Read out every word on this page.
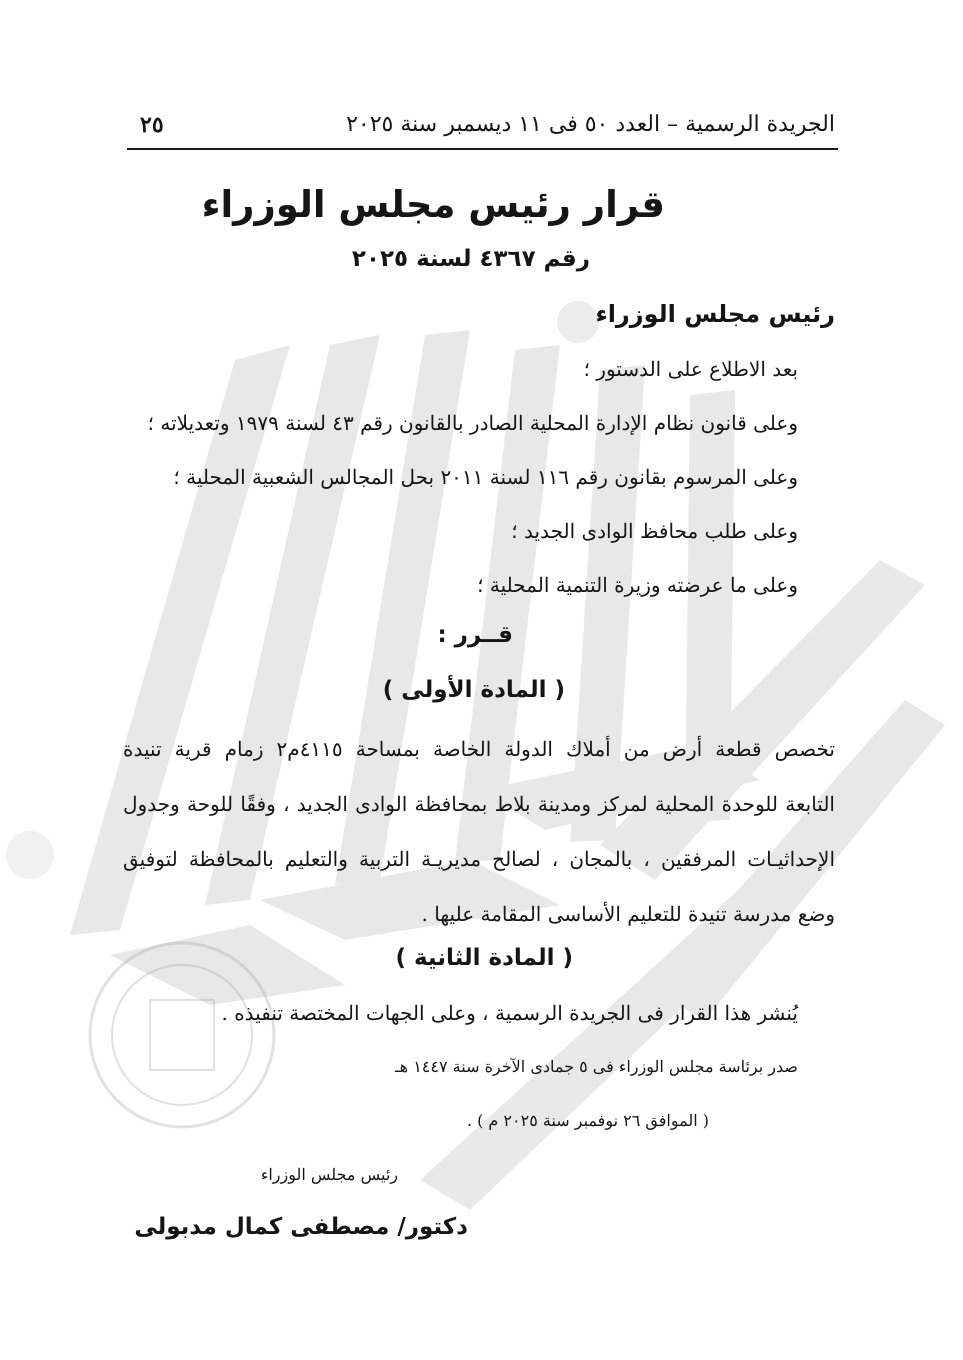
الجريدة الرسمية – العدد ٥٠ فى ١١ ديسمبر سنة ٢٠٢٥

٢٥

قرار رئيس مجلس الوزراء
رقم ٤٣٦٧ لسنة ٢٠٢٥
رئيس مجلس الوزراء

بعد الاطلاع على الدستور ؛

وعلى قانون نظام الإدارة المحلية الصادر بالقانون رقم ٤٣ لسنة ١٩٧٩ وتعديلاته ؛

وعلى المرسوم بقانون رقم ١١٦ لسنة ٢٠١١ بحل المجالس الشعبية المحلية ؛

وعلى طلب محافظ الوادى الجديد ؛

وعلى ما عرضته وزيرة التنمية المحلية ؛

قــرر :

( المادة الأولى )

تخصص قطعة أرض من أملاك الدولة الخاصة بمساحة ٤١١٥م٢ زمام قرية تنيدة
التابعة للوحدة المحلية لمركز ومدينة بلاط بمحافظة الوادى الجديد ، وفقًا للوحة وجدول
الإحداثيـات المرفقين ، بالمجان ، لصالح مديريـة التربية والتعليم بالمحافظة لتوفيق
وضع مدرسة تنيدة للتعليم الأساسى المقامة عليها .

( المادة الثانية )

يُنشر هذا القرار فى الجريدة الرسمية ، وعلى الجهات المختصة تنفيذه .

صدر برئاسة مجلس الوزراء فى ٥ جمادى الآخرة سنة ١٤٤٧ هـ

( الموافق ٢٦ نوفمبر سنة ٢٠٢٥ م ) .

رئيس مجلس الوزراء

دكتور/ مصطفى كمال مدبولى
